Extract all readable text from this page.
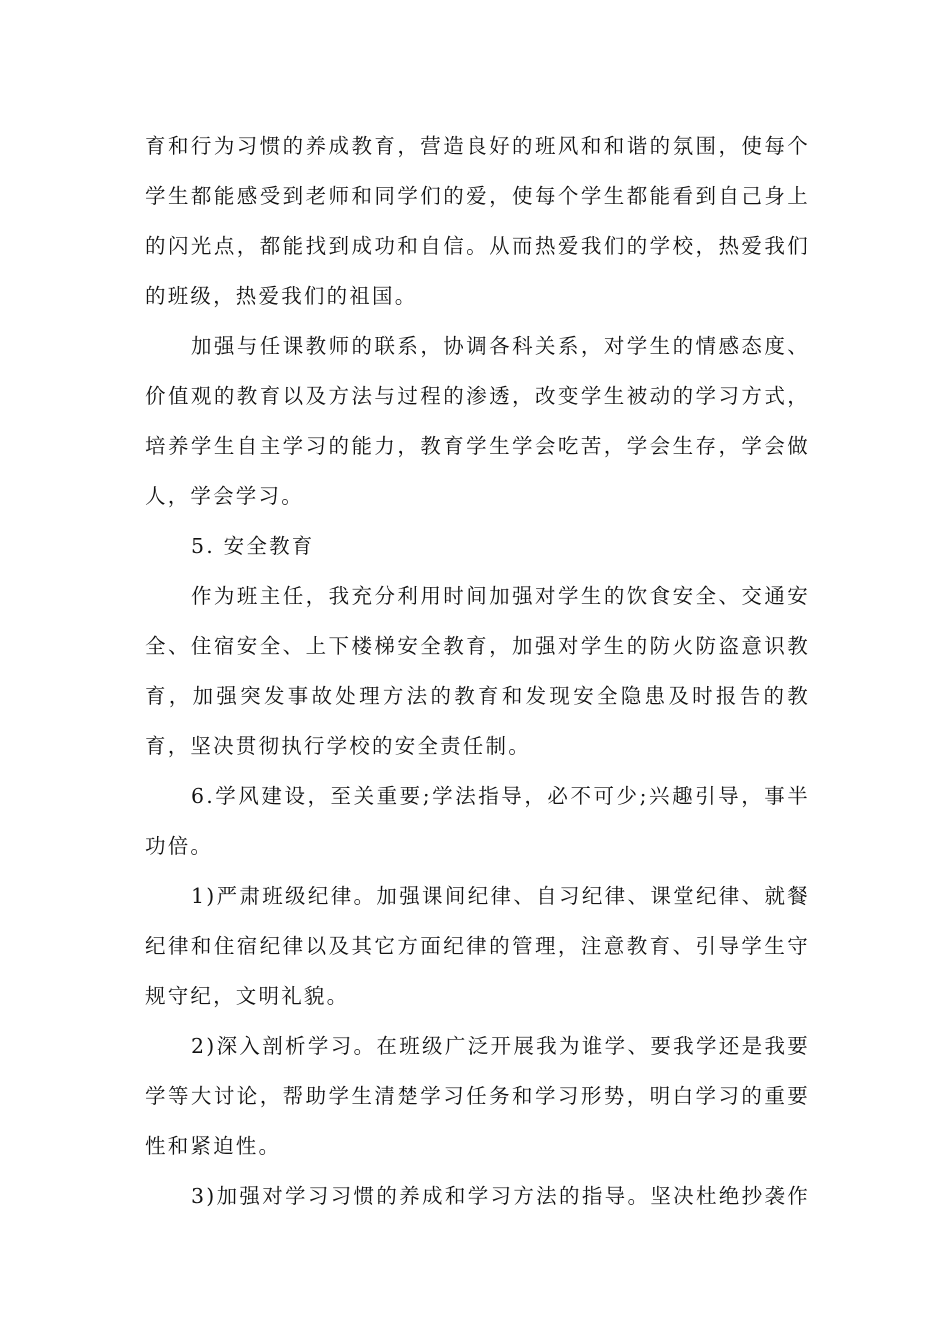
育和行为习惯的养成教育，营造良好的班风和和谐的氛围，使每个
学生都能感受到老师和同学们的爱，使每个学生都能看到自己身上
的闪光点，都能找到成功和自信。从而热爱我们的学校，热爱我们
的班级，热爱我们的祖国。
加强与任课教师的联系，协调各科关系，对学生的情感态度、
价值观的教育以及方法与过程的渗透，改变学生被动的学习方式，
培养学生自主学习的能力，教育学生学会吃苦，学会生存，学会做
人，学会学习。
5. 安全教育
作为班主任，我充分利用时间加强对学生的饮食安全、交通安
全、住宿安全、上下楼梯安全教育，加强对学生的防火防盗意识教
育，加强突发事故处理方法的教育和发现安全隐患及时报告的教
育，坚决贯彻执行学校的安全责任制。
6.学风建设，至关重要;学法指导，必不可少;兴趣引导，事半
功倍。
1)严肃班级纪律。加强课间纪律、自习纪律、课堂纪律、就餐
纪律和住宿纪律以及其它方面纪律的管理，注意教育、引导学生守
规守纪，文明礼貌。
2)深入剖析学习。在班级广泛开展我为谁学、要我学还是我要
学等大讨论，帮助学生清楚学习任务和学习形势，明白学习的重要
性和紧迫性。
3)加强对学习习惯的养成和学习方法的指导。坚决杜绝抄袭作
